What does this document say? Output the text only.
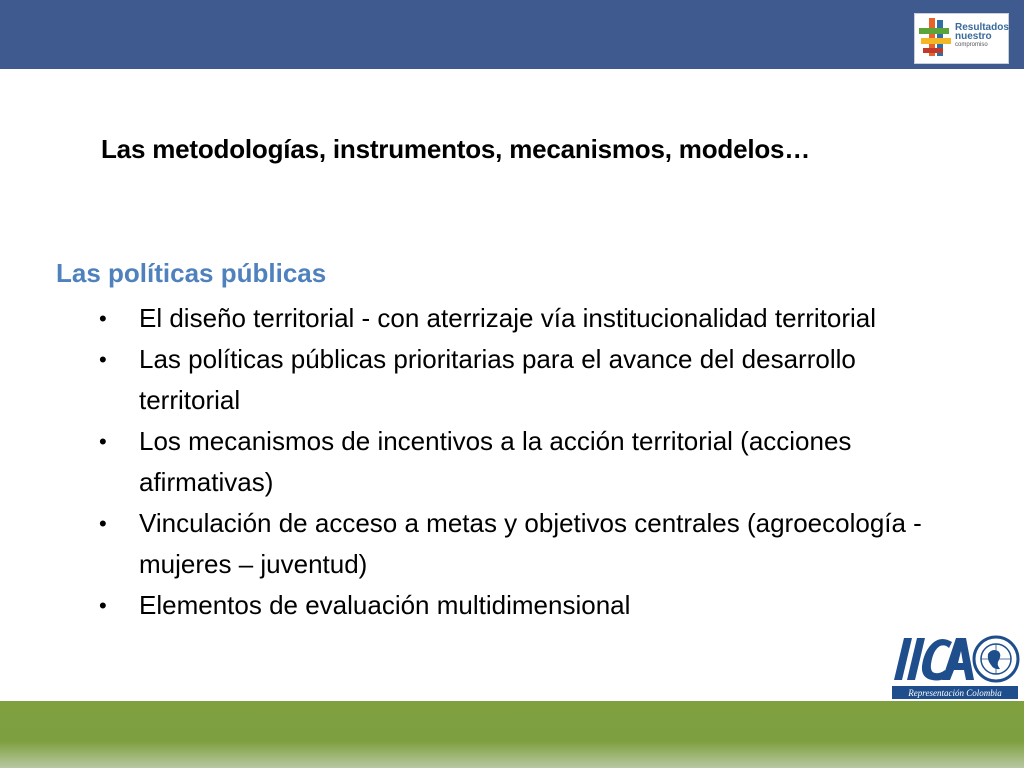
Resultados,
nuestro
compromiso
Las metodologías, instrumentos, mecanismos, modelos…
Las políticas públicas
• El diseño territorial - con aterrizaje vía institucionalidad territorial
• Las políticas públicas prioritarias para el avance del desarrollo territorial
• Los mecanismos de incentivos a la acción territorial (acciones afirmativas)
• Vinculación de acceso a metas y objetivos centrales (agroecología - mujeres – juventud)
• Elementos de evaluación multidimensional
Representación Colombia
